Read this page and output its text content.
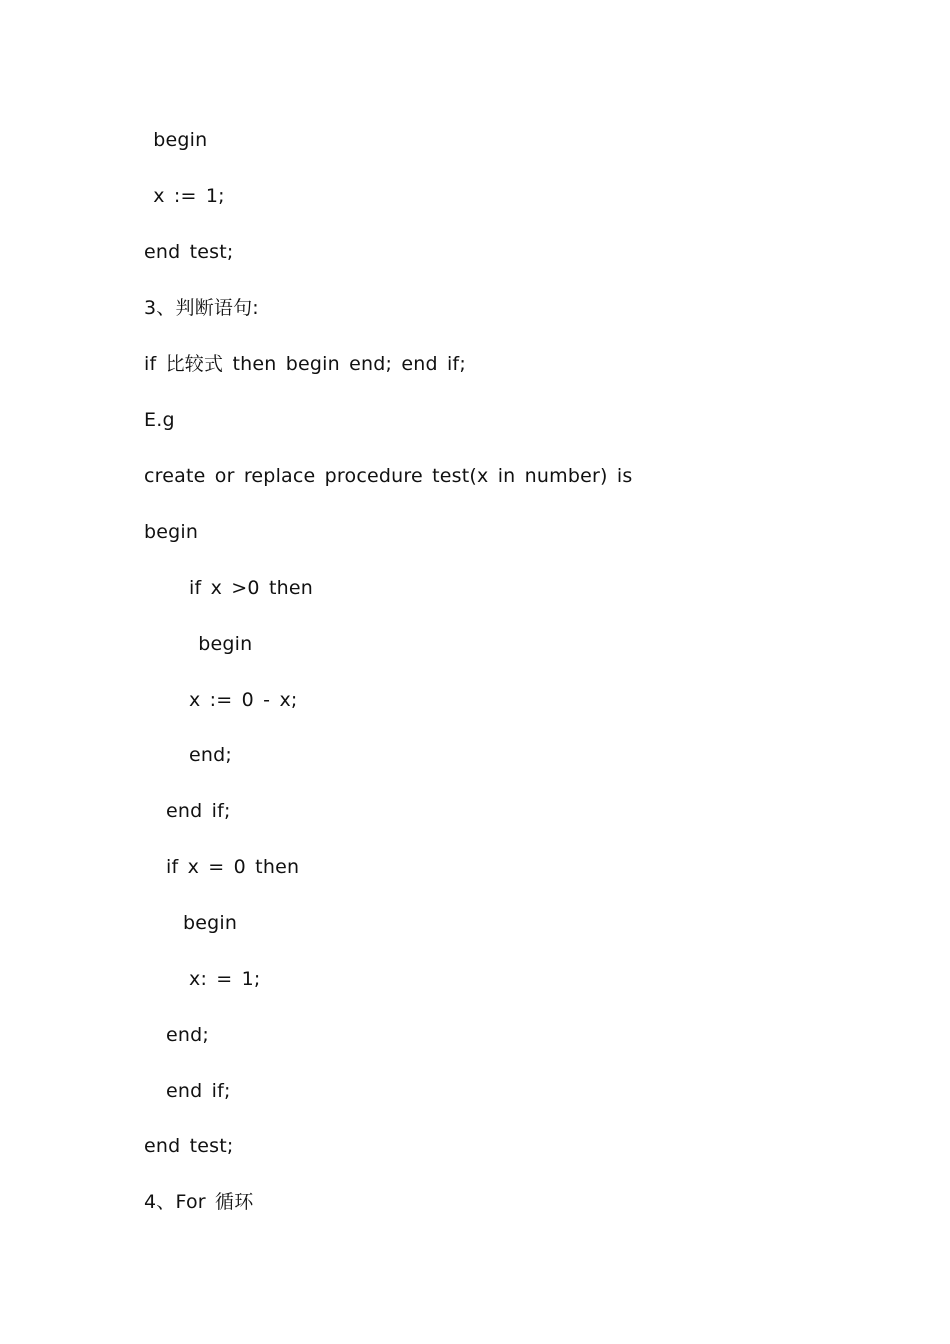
begin
x := 1;
end test;
3、判断语句:
if 比较式 then begin end; end if;
E.g
create or replace procedure test(x in number) is
begin
if x >0 then
begin
x := 0 - x;
end;
end if;
if x = 0 then
begin
x: = 1;
end;
end if;
end test;
4、For 循环
